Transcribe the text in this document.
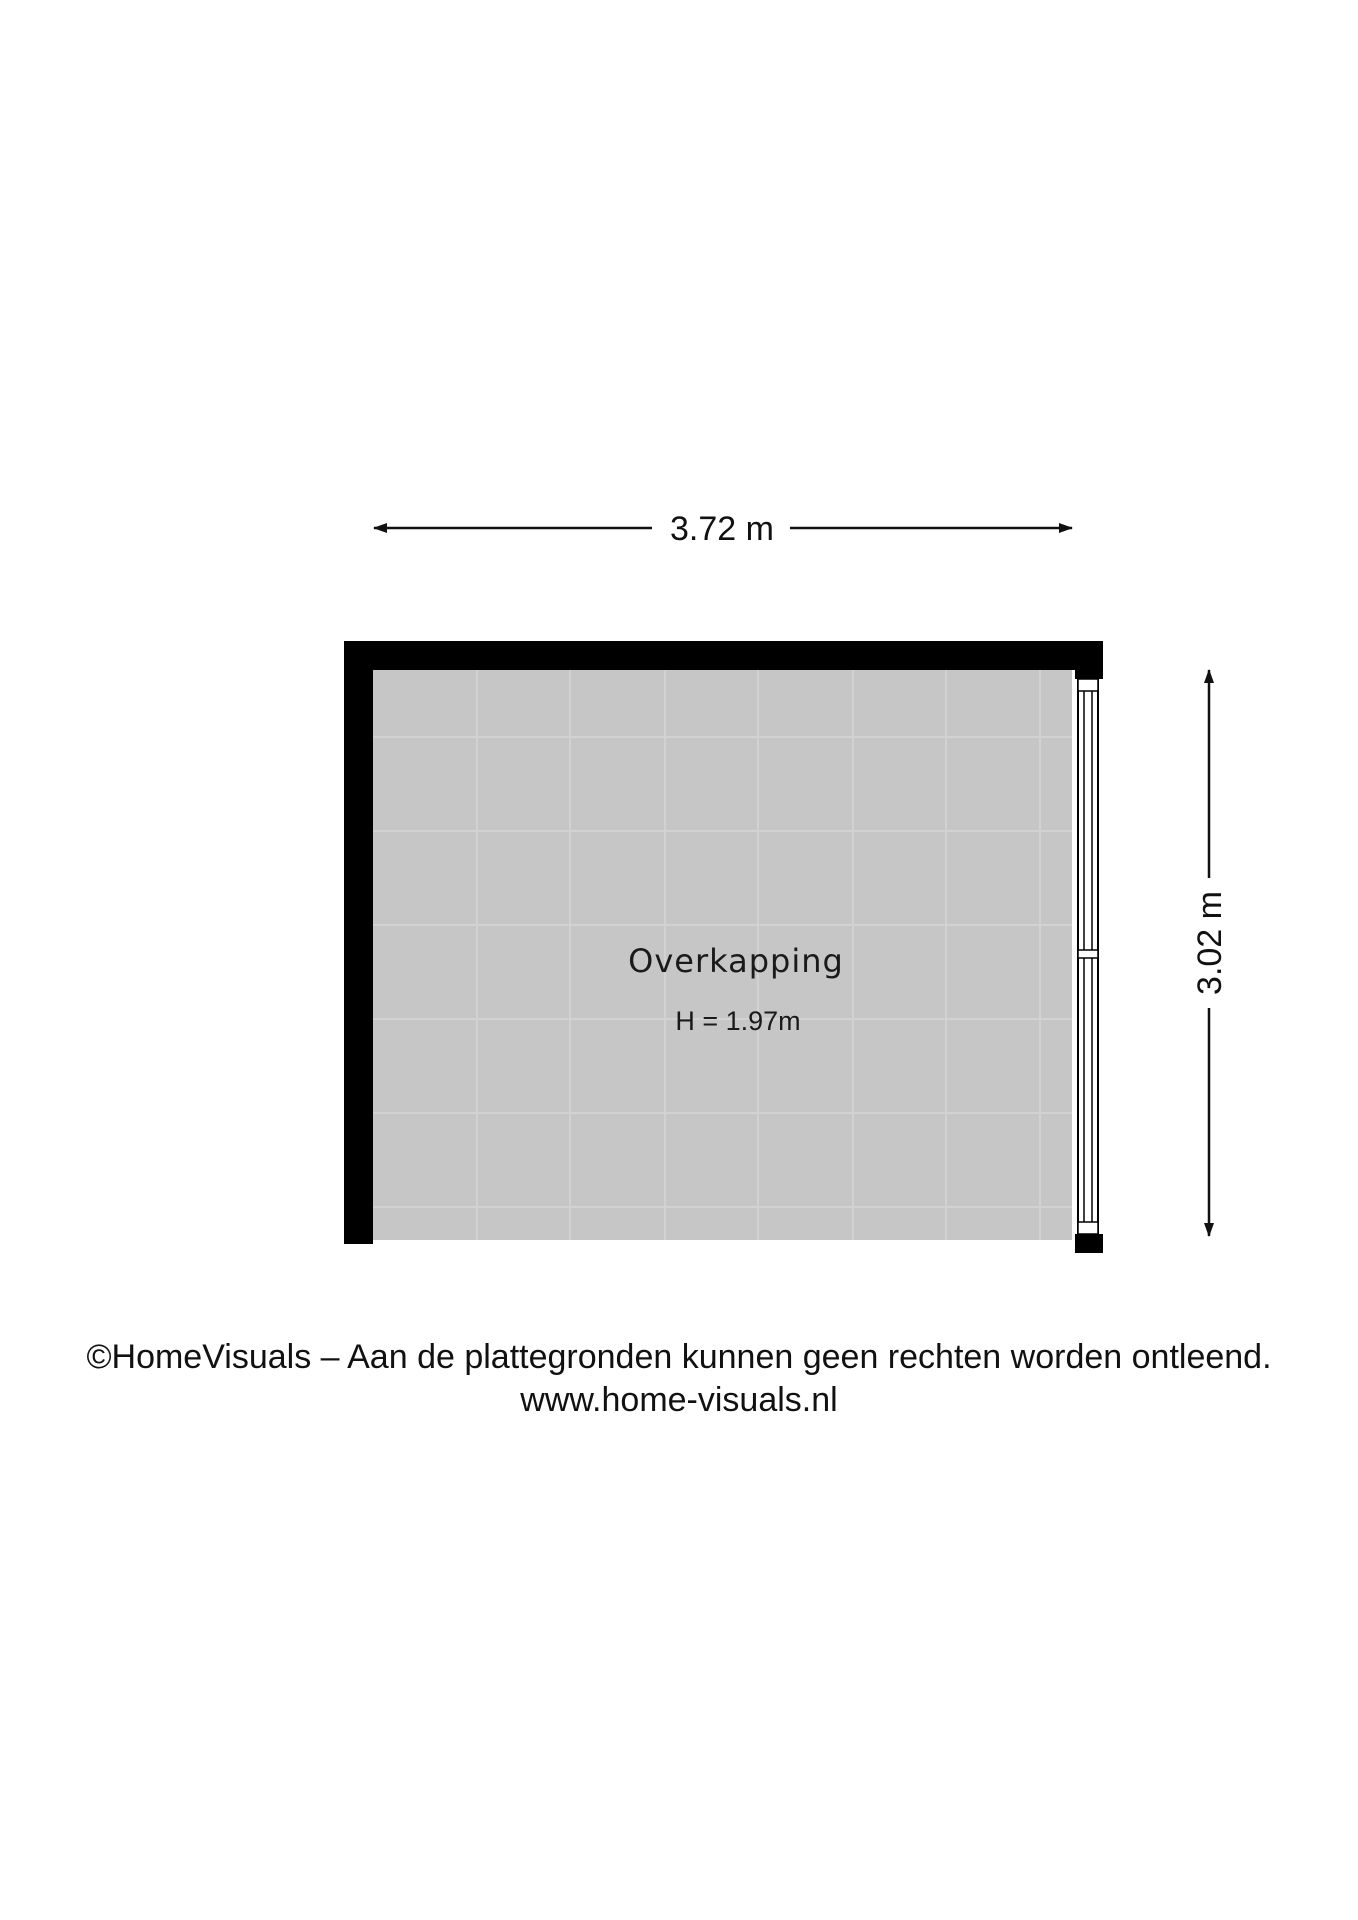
3.72 m
3.02 m
Overkapping
H = 1.97m
©HomeVisuals – Aan de plattegronden kunnen geen rechten worden ontleend.
www.home-visuals.nl
